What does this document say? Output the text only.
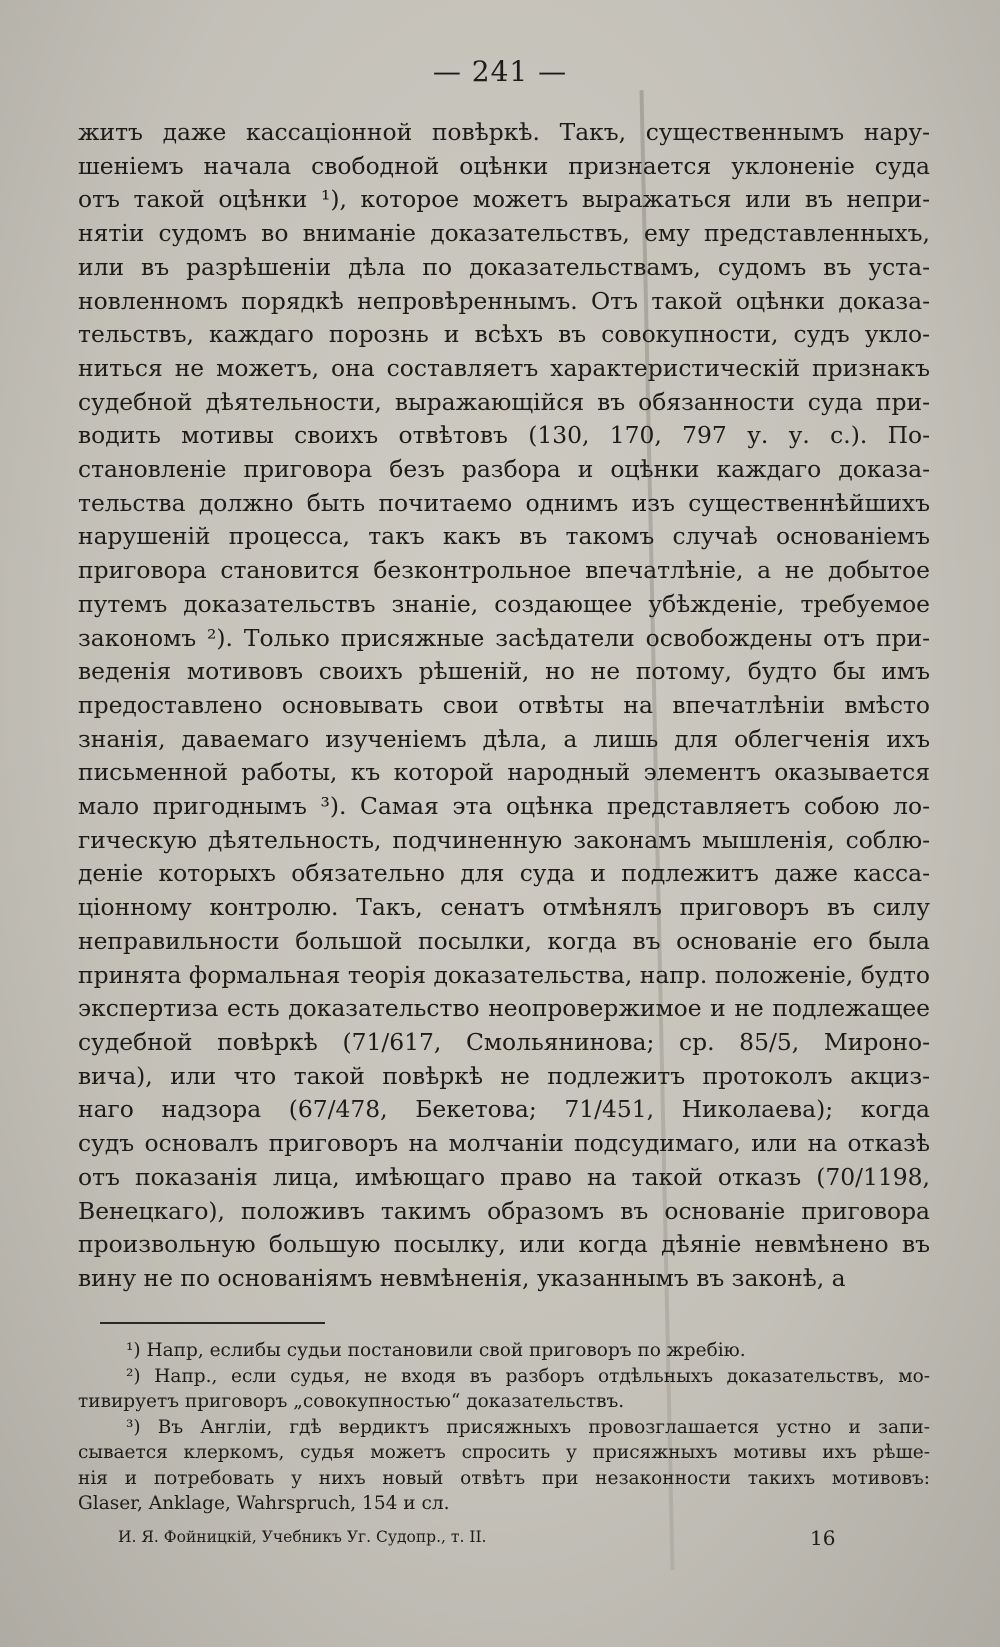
— 241 —
житъ даже кассаціонной повѣркѣ. Такъ, существеннымъ нару-
шеніемъ начала свободной оцѣнки признается уклоненіе суда
отъ такой оцѣнки ¹), которое можетъ выражаться или въ непри-
нятіи судомъ во вниманіе доказательствъ, ему представленныхъ,
или въ разрѣшеніи дѣла по доказательствамъ, судомъ въ уста-
новленномъ порядкѣ непровѣреннымъ. Отъ такой оцѣнки доказа-
тельствъ, каждаго порознь и всѣхъ въ совокупности, судъ укло-
ниться не можетъ, она составляетъ характеристическій признакъ
судебной дѣятельности, выражающійся въ обязанности суда при-
водить мотивы своихъ отвѣтовъ (130, 170, 797 у. у. с.). По-
становленіе приговора безъ разбора и оцѣнки каждаго доказа-
тельства должно быть почитаемо однимъ изъ существеннѣйшихъ
нарушеній процесса, такъ какъ въ такомъ случаѣ основаніемъ
приговора становится безконтрольное впечатлѣніе, а не добытое
путемъ доказательствъ знаніе, создающее убѣжденіе, требуемое
закономъ ²). Только присяжные засѣдатели освобождены отъ при-
веденія мотивовъ своихъ рѣшеній, но не потому, будто бы имъ
предоставлено основывать свои отвѣты на впечатлѣніи вмѣсто
знанія, даваемаго изученіемъ дѣла, а лишь для облегченія ихъ
письменной работы, къ которой народный элементъ оказывается
мало пригоднымъ ³). Самая эта оцѣнка представляетъ собою ло-
гическую дѣятельность, подчиненную законамъ мышленія, соблю-
деніе которыхъ обязательно для суда и подлежитъ даже касса-
ціонному контролю. Такъ, сенатъ отмѣнялъ приговоръ въ силу
неправильности большой посылки, когда въ основаніе его была
принята формальная теорія доказательства, напр. положеніе, будто
экспертиза есть доказательство неопровержимое и не подлежащее
судебной повѣркѣ (71/617, Смольянинова; ср. 85/5, Мироно-
вича), или что такой повѣркѣ не подлежитъ протоколъ акциз-
наго надзора (67/478, Бекетова; 71/451, Николаева); когда
судъ основалъ приговоръ на молчаніи подсудимаго, или на отказѣ
отъ показанія лица, имѣющаго право на такой отказъ (70/1198,
Венецкаго), положивъ такимъ образомъ въ основаніе приговора
произвольную большую посылку, или когда дѣяніе невмѣнено въ
вину не по основаніямъ невмѣненія, указаннымъ въ законѣ, а
¹) Напр, еслибы судьи постановили свой приговоръ по жребію.
²) Напр., если судья, не входя въ разборъ отдѣльныхъ доказательствъ, мо-
тивируетъ приговоръ „совокупностью“ доказательствъ.
³) Въ Англіи, гдѣ вердиктъ присяжныхъ провозглашается устно и запи-
сывается клеркомъ, судья можетъ спросить у присяжныхъ мотивы ихъ рѣше-
нія и потребовать у нихъ новый отвѣтъ при незаконности такихъ мотивовъ:
Glaser, Anklage, Wahrspruch, 154 и сл.
И. Я. Фойницкій, Учебникъ Уг. Судопр., т. II.	16
